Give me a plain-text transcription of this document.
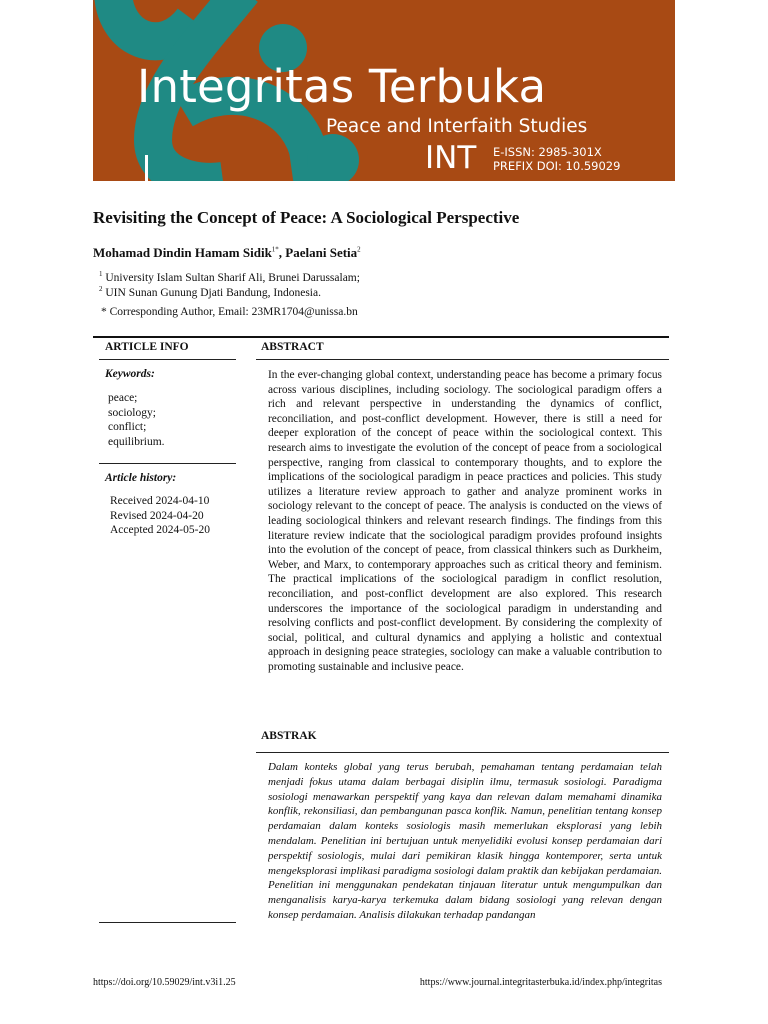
Integritas Terbuka
Peace and Interfaith Studies
INT E-ISSN: 2985-301X
PREFIX DOI: 10.59029
Revisiting the Concept of Peace: A Sociological Perspective
Mohamad Dindin Hamam Sidik$^{1*}$, Paelani Setia$^2$
$^1$ University Islam Sultan Sharif Ali, Brunei Darussalam;
$^2$ UIN Sunan Gunung Djati Bandung, Indonesia.
* Corresponding Author, Email: 23MR1704@unissa.bn
ARTICLE INFO
Keywords:
peace;
sociology;
conflict;
equilibrium.
Article history:
Received 2024-04-10
Revised 2024-04-20
Accepted 2024-05-20
ABSTRACT

In the ever-changing global context, understanding peace has become a primary focus across various disciplines, including sociology. The sociological paradigm offers a rich and relevant perspective in understanding the dynamics of conflict, reconciliation, and post-conflict development. However, there is still a need for deeper exploration of the concept of peace within the sociological context. This research aims to investigate the evolution of the concept of peace from a sociological perspective, ranging from classical to contemporary thoughts, and to explore the implications of the sociological paradigm in peace practices and policies. This study utilizes a literature review approach to gather and analyze prominent works in sociology relevant to the concept of peace. The analysis is conducted on the views of leading sociological thinkers and relevant research findings. The findings from this literature review indicate that the sociological paradigm provides profound insights into the evolution of the concept of peace, from classical thinkers such as Durkheim, Weber, and Marx, to contemporary approaches such as critical theory and feminism. The practical implications of the sociological paradigm in conflict resolution, reconciliation, and post-conflict development are also explored. This research underscores the importance of the sociological paradigm in understanding and resolving conflicts and post-conflict development. By considering the complexity of social, political, and cultural dynamics and applying a holistic and contextual approach in designing peace strategies, sociology can make a valuable contribution to promoting sustainable and inclusive peace.

ABSTRAK

Dalam konteks global yang terus berubah, pemahaman tentang perdamaian telah menjadi fokus utama dalam berbagai disiplin ilmu, termasuk sosiologi. Paradigma sosiologi menawarkan perspektif yang kaya dan relevan dalam memahami dinamika konflik, rekonsiliasi, dan pembangunan pasca konflik. Namun, penelitian tentang konsep perdamaian dalam konteks sosiologis masih memerlukan eksplorasi yang lebih mendalam. Penelitian ini bertujuan untuk menyelidiki evolusi konsep perdamaian dari perspektif sosiologis, mulai dari pemikiran klasik hingga kontemporer, serta untuk mengeksplorasi implikasi paradigma sosiologi dalam praktik dan kebijakan perdamaian. Penelitian ini menggunakan pendekatan tinjauan literatur untuk mengumpulkan dan menganalisis karya-karya terkemuka dalam bidang sosiologi yang relevan dengan konsep perdamaian. Analisis dilakukan terhadap pandangan

https://doi.org/10.59029/int.v3i1.25	https://www.journal.integritasterbuka.id/index.php/integritas
